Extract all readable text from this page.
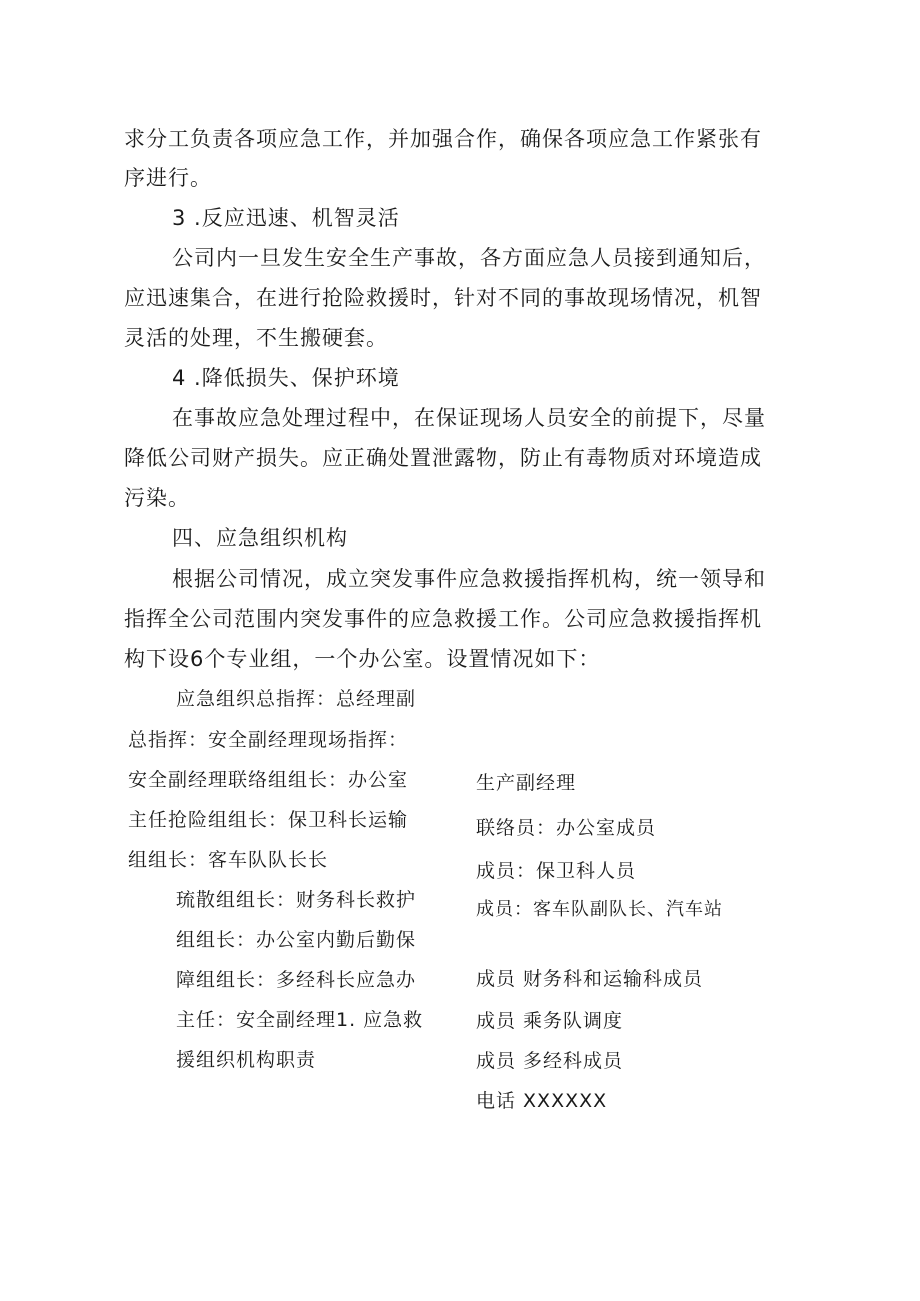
求分工负责各项应急工作，并加强合作，确保各项应急工作紧张有
序进行。
3 .反应迅速、机智灵活
公司内一旦发生安全生产事故，各方面应急人员接到通知后，
应迅速集合，在进行抢险救援时，针对不同的事故现场情况，机智
灵活的处理，不生搬硬套。
4 .降低损失、保护环境
在事故应急处理过程中，在保证现场人员安全的前提下，尽量
降低公司财产损失。应正确处置泄露物，防止有毒物质对环境造成
污染。
四、应急组织机构
根据公司情况，成立突发事件应急救援指挥机构，统一领导和
指挥全公司范围内突发事件的应急救援工作。公司应急救援指挥机
构下设6个专业组，一个办公室。设置情况如下：
应急组织总指挥：总经理副
总指挥：安全副经理现场指挥：
安全副经理联络组组长：办公室
主任抢险组组长：保卫科长运输
组组长：客车队队长长
琉散组组长：财务科长救护
组组长：办公室内勤后勤保
障组组长：多经科长应急办
主任：安全副经理1. 应急救
援组织机构职责
生产副经理
联络员：办公室成员
成员：保卫科人员
成员：客车队副队长、汽车站
成员 财务科和运输科成员
成员 乘务队调度
成员 多经科成员
电话 XXXXXX
